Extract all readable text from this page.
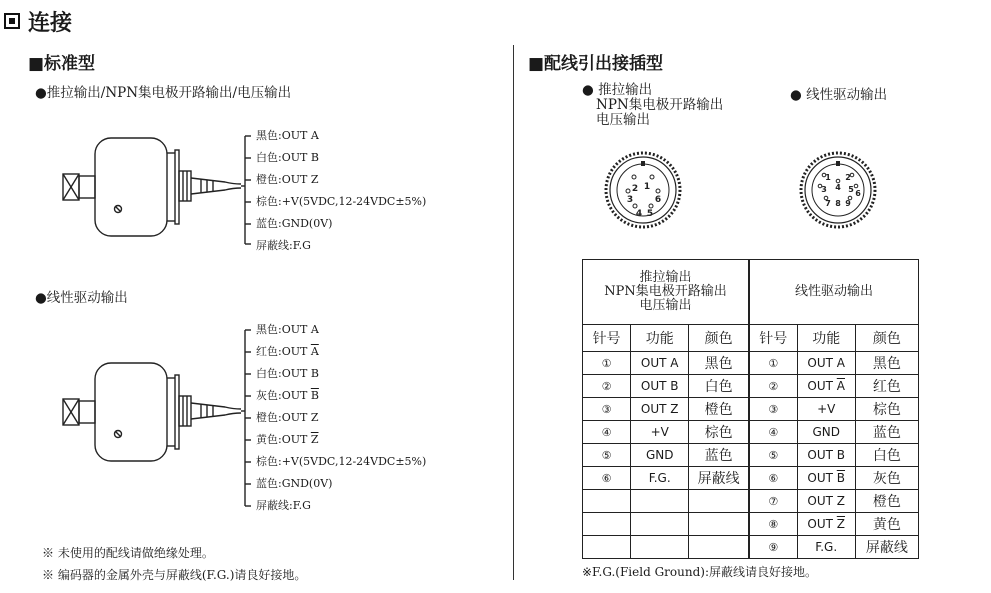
连接
■标准型
●推拉输出/NPN集电极开路输出/电压输出
黑色:OUT A
白色:OUT B
橙色:OUT Z
棕色:+V(5VDC,12-24VDC±5%)
蓝色:GND(0V)
屏蔽线:F.G
●线性驱动输出
黑色:OUT A
红色:OUT $\overline{A}$
白色:OUT B
灰色:OUT $\overline{B}$
橙色:OUT Z
黄色:OUT $\overline{Z}$
棕色:+V(5VDC,12-24VDC±5%)
蓝色:GND(0V)
屏蔽线:F.G
※ 未使用的配线请做绝缘处理。
※ 编码器的金属外壳与屏蔽线(F.G.)请良好接地。
■配线引出接插型
● 推拉输出
NPN集电极开路输出
电压输出
● 线性驱动输出
2 1
3 6
4 5
1 2
3 4 5 6
7 8 9
推拉输出
NPN集电极开路输出
电压输出			线性驱动输出		
针号	功能	颜色	针号	功能	颜色
①	OUT A	黑色	①	OUT A	黑色
②	OUT B	白色	②	OUT $\overline{A}$	红色
③	OUT Z	橙色	③	+V	棕色
④	+V	棕色	④	GND	蓝色
⑤	GND	蓝色	⑤	OUT B	白色
⑥	F.G.	屏蔽线	⑥	OUT $\overline{B}$	灰色
			⑦	OUT Z	橙色
			⑧	OUT $\overline{Z}$	黄色
			⑨	F.G.	屏蔽线
※F.G.(Field Ground):屏蔽线请良好接地。
